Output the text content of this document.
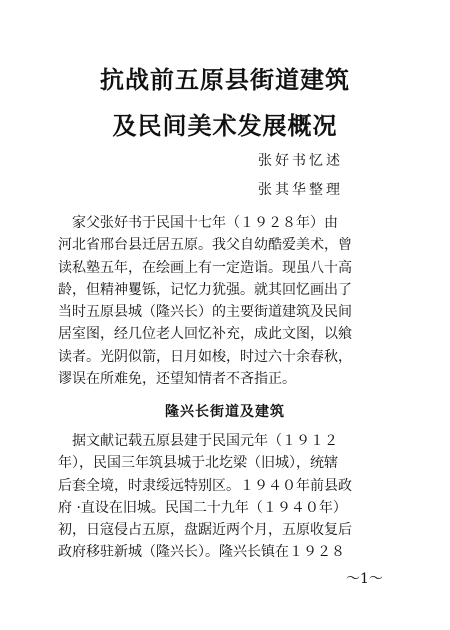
抗战前五原县街道建筑
及民间美术发展概况
张好书忆述
张其华整理
　家父张好书于民国十七年（１９２８年）由
河北省邢台县迁居五原。我父自幼酷爱美术，曾
读私塾五年，在绘画上有一定造诣。现虽八十高
龄，但精神矍铄，记忆力犹强。就其回忆画出了
当时五原县城（隆兴长）的主要街道建筑及民间
居室图，经几位老人回忆补充，成此文图，以飨
读者。光阴似箭，日月如梭，时过六十余春秋，
谬误在所难免，还望知情者不吝指正。
隆兴长街道及建筑
　据文献记载五原县建于民国元年（１９１２
年），民国三年筑县城于北圪梁（旧城），统辖
后套全境，时隶绥远特别区。１９４０年前县政
府 ·直设在旧城。民国二十九年（１９４０年）
初，日寇侵占五原，盘踞近两个月，五原收复后
政府移驻新城（隆兴长）。隆兴长镇在１９２８
～1～
